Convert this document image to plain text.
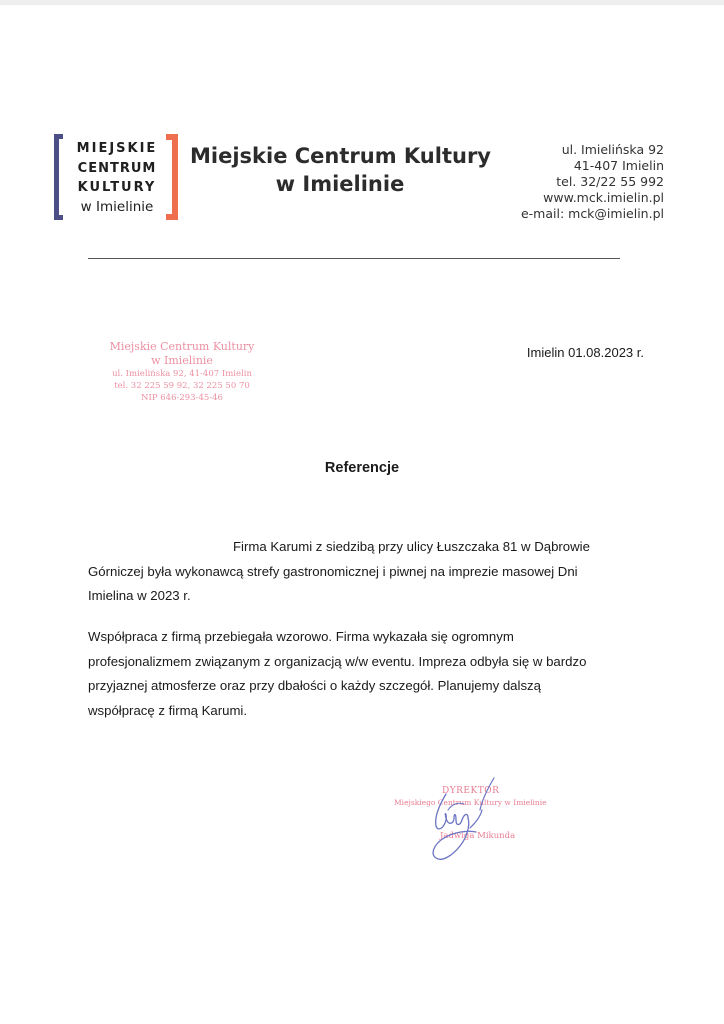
MIEJSKIE
CENTRUM
KULTURY
w Imielinie
Miejskie Centrum Kultury
w Imielinie
ul. Imielińska 92
41-407 Imielin
tel. 32/22 55 992
www.mck.imielin.pl
e-mail: mck@imielin.pl
Miejskie Centrum Kultury
w Imielinie
ul. Imielińska 92, 41-407 Imielin
tel. 32 225 59 92, 32 225 50 70
NIP 646-293-45-46
Imielin 01.08.2023 r.
Referencje
Firma Karumi z siedzibą przy ulicy Łuszczaka 81 w Dąbrowie
Górniczej była wykonawcą strefy gastronomicznej i piwnej na imprezie masowej Dni
Imielina w 2023 r.
Współpraca z firmą przebiegała wzorowo. Firma wykazała się ogromnym
profesjonalizmem związanym z organizacją w/w eventu. Impreza odbyła się w bardzo
przyjaznej atmosferze oraz przy dbałości o każdy szczegół. Planujemy dalszą
współpracę z firmą Karumi.
DYREKTOR
Miejskiego Centrum Kultury w Imielinie
Jadwiga Mikunda
